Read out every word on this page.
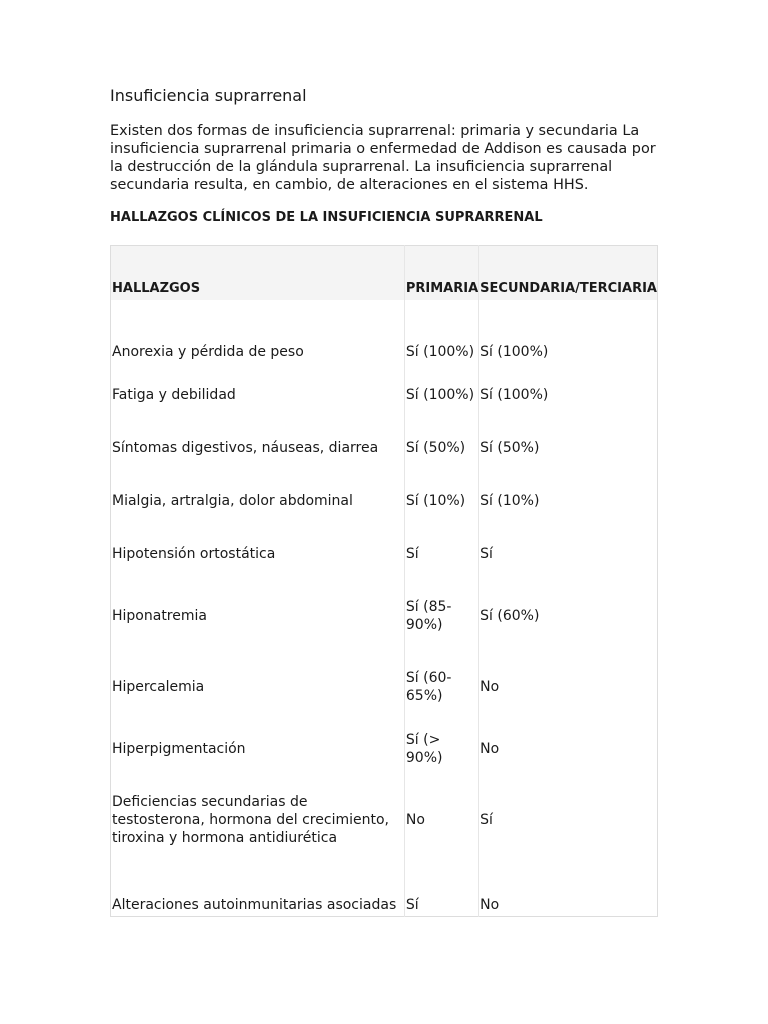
Insuficiencia suprarrenal

Existen dos formas de insuficiencia suprarrenal: primaria y secundaria La insuficiencia suprarrenal primaria o enfermedad de Addison es causada por la destrucción de la glándula suprarrenal. La insuficiencia suprarrenal secundaria resulta, en cambio, de alteraciones en el sistema HHS.

HALLAZGOS CLÍNICOS DE LA INSUFICIENCIA SUPRARRENAL
HALLAZGOS	PRIMARIA	SECUNDARIA/TERCIARIA
Anorexia y pérdida de peso	Sí (100%)	Sí (100%)
Fatiga y debilidad	Sí (100%)	Sí (100%)
Síntomas digestivos, náuseas, diarrea	Sí (50%)	Sí (50%)
Mialgia, artralgia, dolor abdominal	Sí (10%)	Sí (10%)
Hipotensión ortostática	Sí	Sí
Hiponatremia	Sí (85-90%)	Sí (60%)
Hipercalemia	Sí (60-65%)	No
Hiperpigmentación	Sí (> 90%)	No
Deficiencias secundarias de testosterona, hormona del crecimiento, tiroxina y hormona antidiurética	No	Sí
Alteraciones autoinmunitarias asociadas	Sí	No
